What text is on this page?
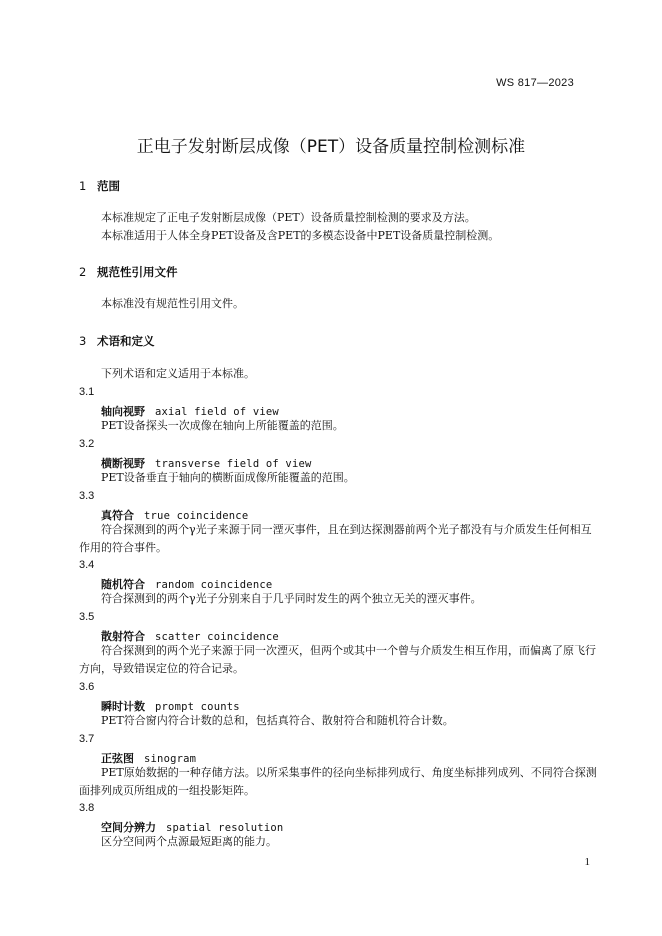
WS 817—2023
正电子发射断层成像（PET）设备质量控制检测标准
1 范围
本标准规定了正电子发射断层成像（PET）设备质量控制检测的要求及方法。
本标准适用于人体全身PET设备及含PET的多模态设备中PET设备质量控制检测。
2 规范性引用文件
本标准没有规范性引用文件。
3 术语和定义
下列术语和定义适用于本标准。
3.1
轴向视野 axial field of view
PET设备探头一次成像在轴向上所能覆盖的范围。
3.2
横断视野 transverse field of view
PET设备垂直于轴向的横断面成像所能覆盖的范围。
3.3
真符合 true coincidence
符合探测到的两个γ光子来源于同一湮灭事件，且在到达探测器前两个光子都没有与介质发生任何相互作用的符合事件。
3.4
随机符合 random coincidence
符合探测到的两个γ光子分别来自于几乎同时发生的两个独立无关的湮灭事件。
3.5
散射符合 scatter coincidence
符合探测到的两个光子来源于同一次湮灭，但两个或其中一个曾与介质发生相互作用，而偏离了原飞行方向，导致错误定位的符合记录。
3.6
瞬时计数 prompt counts
PET符合窗内符合计数的总和，包括真符合、散射符合和随机符合计数。
3.7
正弦图 sinogram
PET原始数据的一种存储方法。以所采集事件的径向坐标排列成行、角度坐标排列成列、不同符合探测面排列成页所组成的一组投影矩阵。
3.8
空间分辨力 spatial resolution
区分空间两个点源最短距离的能力。
1
